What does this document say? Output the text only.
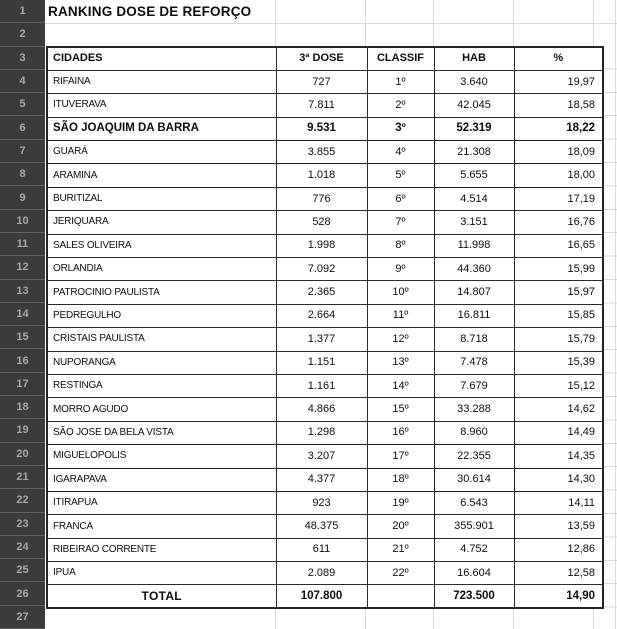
1
2
3
4
5
6
7
8
9
10
11
12
13
14
15
16
17
18
19
20
21
22
23
24
25
26
27
RANKING DOSE DE REFORÇO
CIDADES	3ª DOSE	CLASSIF	HAB	%
RIFAINA	727	1º	3.640	19,97
ITUVERAVA	7.811	2º	42.045	18,58
SÃO JOAQUIM DA BARRA	9.531	3º	52.319	18,22
GUARÁ	3.855	4º	21.308	18,09
ARAMINA	1.018	5º	5.655	18,00
BURITIZAL	776	6º	4.514	17,19
JERIQUARA	528	7º	3.151	16,76
SALES OLIVEIRA	1.998	8º	11.998	16,65
ORLANDIA	7.092	9º	44.360	15,99
PATROCINIO PAULISTA	2.365	10º	14.807	15,97
PEDREGULHO	2.664	11º	16.811	15,85
CRISTAIS PAULISTA	1.377	12º	8.718	15,79
NUPORANGA	1.151	13º	7.478	15,39
RESTINGA	1.161	14º	7.679	15,12
MORRO AGUDO	4.866	15º	33.288	14,62
SÃO JOSE DA BELA VISTA	1.298	16º	8.960	14,49
MIGUELOPOLIS	3.207	17º	22.355	14,35
IGARAPAVA	4.377	18º	30.614	14,30
ITIRAPUA	923	19º	6.543	14,11
FRANCA	48.375	20º	355.901	13,59
RIBEIRAO CORRENTE	611	21º	4.752	12,86
IPUA	2.089	22º	16.604	12,58
TOTAL	107.800		723.500	14,90
